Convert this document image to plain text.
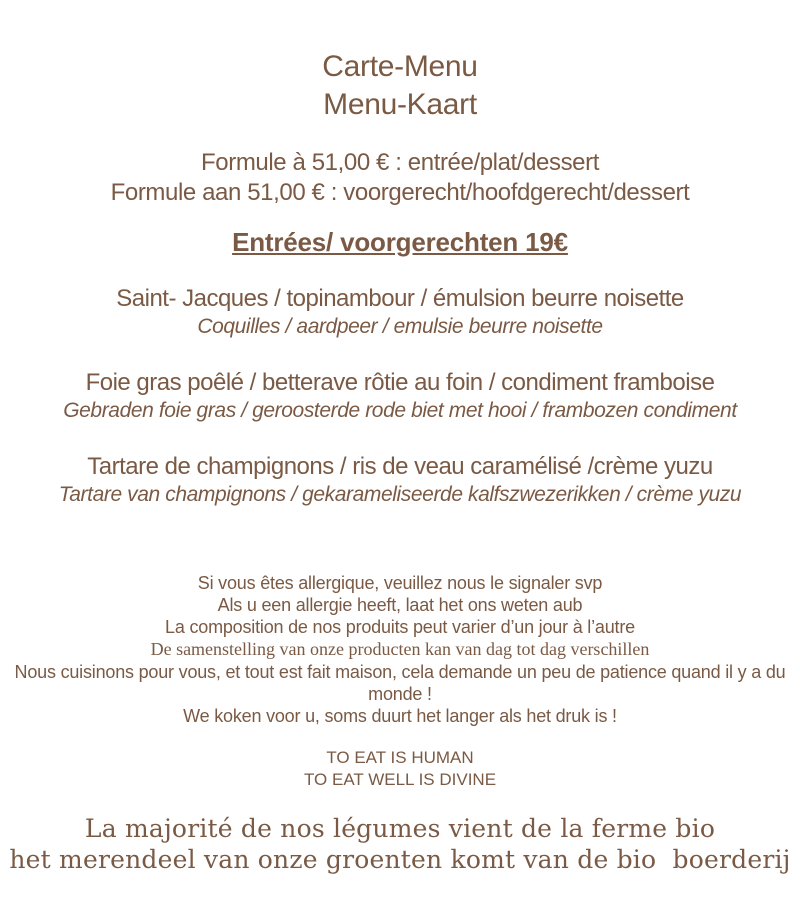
Carte-Menu
Menu-Kaart
Formule à 51,00 € : entrée/plat/dessert
Formule aan 51,00 € : voorgerecht/hoofdgerecht/dessert
Entrées/ voorgerechten 19€
Saint- Jacques / topinambour / émulsion beurre noisette
Coquilles / aardpeer / emulsie beurre noisette
Foie gras poêlé / betterave rôtie au foin / condiment framboise
Gebraden foie gras / geroosterde rode biet met hooi / frambozen condiment
Tartare de champignons / ris de veau caramélisé /crème yuzu
Tartare van champignons / gekarameliseerde kalfszwezerikken / crème yuzu
Si vous êtes allergique, veuillez nous le signaler svp
Als u een allergie heeft, laat het ons weten aub
La composition de nos produits peut varier d’un jour à l’autre
De samenstelling van onze producten kan van dag tot dag verschillen
Nous cuisinons pour vous, et tout est fait maison, cela demande un peu de patience quand il y a du monde !
We koken voor u, soms duurt het langer als het druk is !
TO EAT IS HUMAN
TO EAT WELL IS DIVINE
La majorité de nos légumes vient de la ferme bio
het merendeel van onze groenten komt van de bio  boerderij
